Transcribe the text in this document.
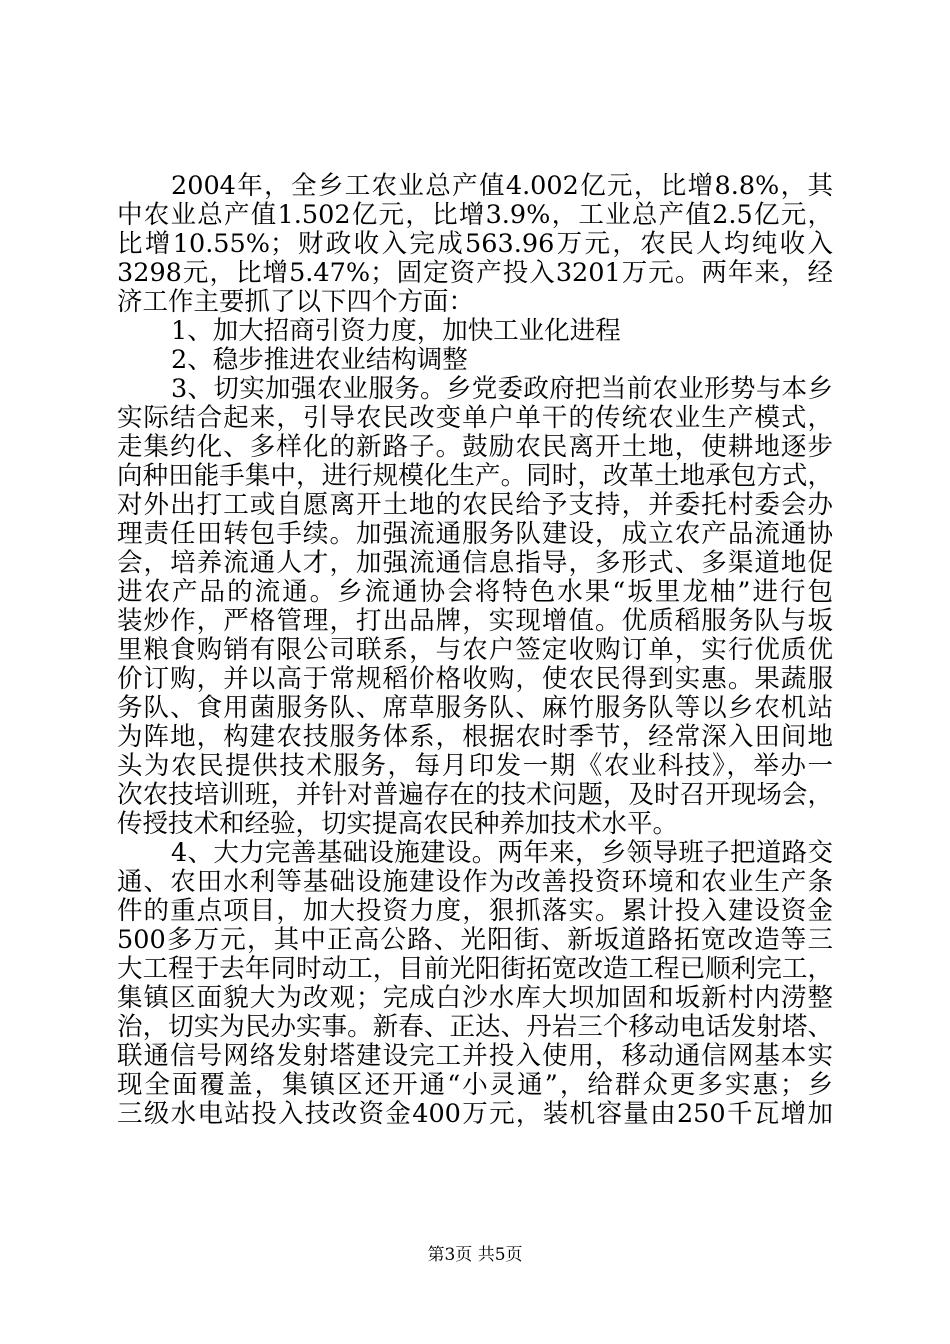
2004年，全乡工农业总产值4.002亿元，比增8.8%，其
中农业总产值1.502亿元，比增3.9%，工业总产值2.5亿元，
比增10.55%；财政收入完成563.96万元，农民人均纯收入
3298元，比增5.47%；固定资产投入3201万元。两年来，经
济工作主要抓了以下四个方面：
1、加大招商引资力度，加快工业化进程
2、稳步推进农业结构调整
3、切实加强农业服务。乡党委政府把当前农业形势与本乡
实际结合起来，引导农民改变单户单干的传统农业生产模式，
走集约化、多样化的新路子。鼓励农民离开土地，使耕地逐步
向种田能手集中，进行规模化生产。同时，改革土地承包方式，
对外出打工或自愿离开土地的农民给予支持，并委托村委会办
理责任田转包手续。加强流通服务队建设，成立农产品流通协
会，培养流通人才，加强流通信息指导，多形式、多渠道地促
进农产品的流通。乡流通协会将特色水果“坂里龙柚”进行包
装炒作，严格管理，打出品牌，实现增值。优质稻服务队与坂
里粮食购销有限公司联系，与农户签定收购订单，实行优质优
价订购，并以高于常规稻价格收购，使农民得到实惠。果蔬服
务队、食用菌服务队、席草服务队、麻竹服务队等以乡农机站
为阵地，构建农技服务体系，根据农时季节，经常深入田间地
头为农民提供技术服务，每月印发一期《农业科技》，举办一
次农技培训班，并针对普遍存在的技术问题，及时召开现场会，
传授技术和经验，切实提高农民种养加技术水平。
4、大力完善基础设施建设。两年来，乡领导班子把道路交
通、农田水利等基础设施建设作为改善投资环境和农业生产条
件的重点项目，加大投资力度，狠抓落实。累计投入建设资金
500多万元，其中正高公路、光阳街、新坂道路拓宽改造等三
大工程于去年同时动工，目前光阳街拓宽改造工程已顺利完工，
集镇区面貌大为改观；完成白沙水库大坝加固和坂新村内涝整
治，切实为民办实事。新春、正达、丹岩三个移动电话发射塔、
联通信号网络发射塔建设完工并投入使用，移动通信网基本实
现全面覆盖，集镇区还开通“小灵通”，给群众更多实惠；乡
三级水电站投入技改资金400万元，装机容量由250千瓦增加
第3页 共5页
